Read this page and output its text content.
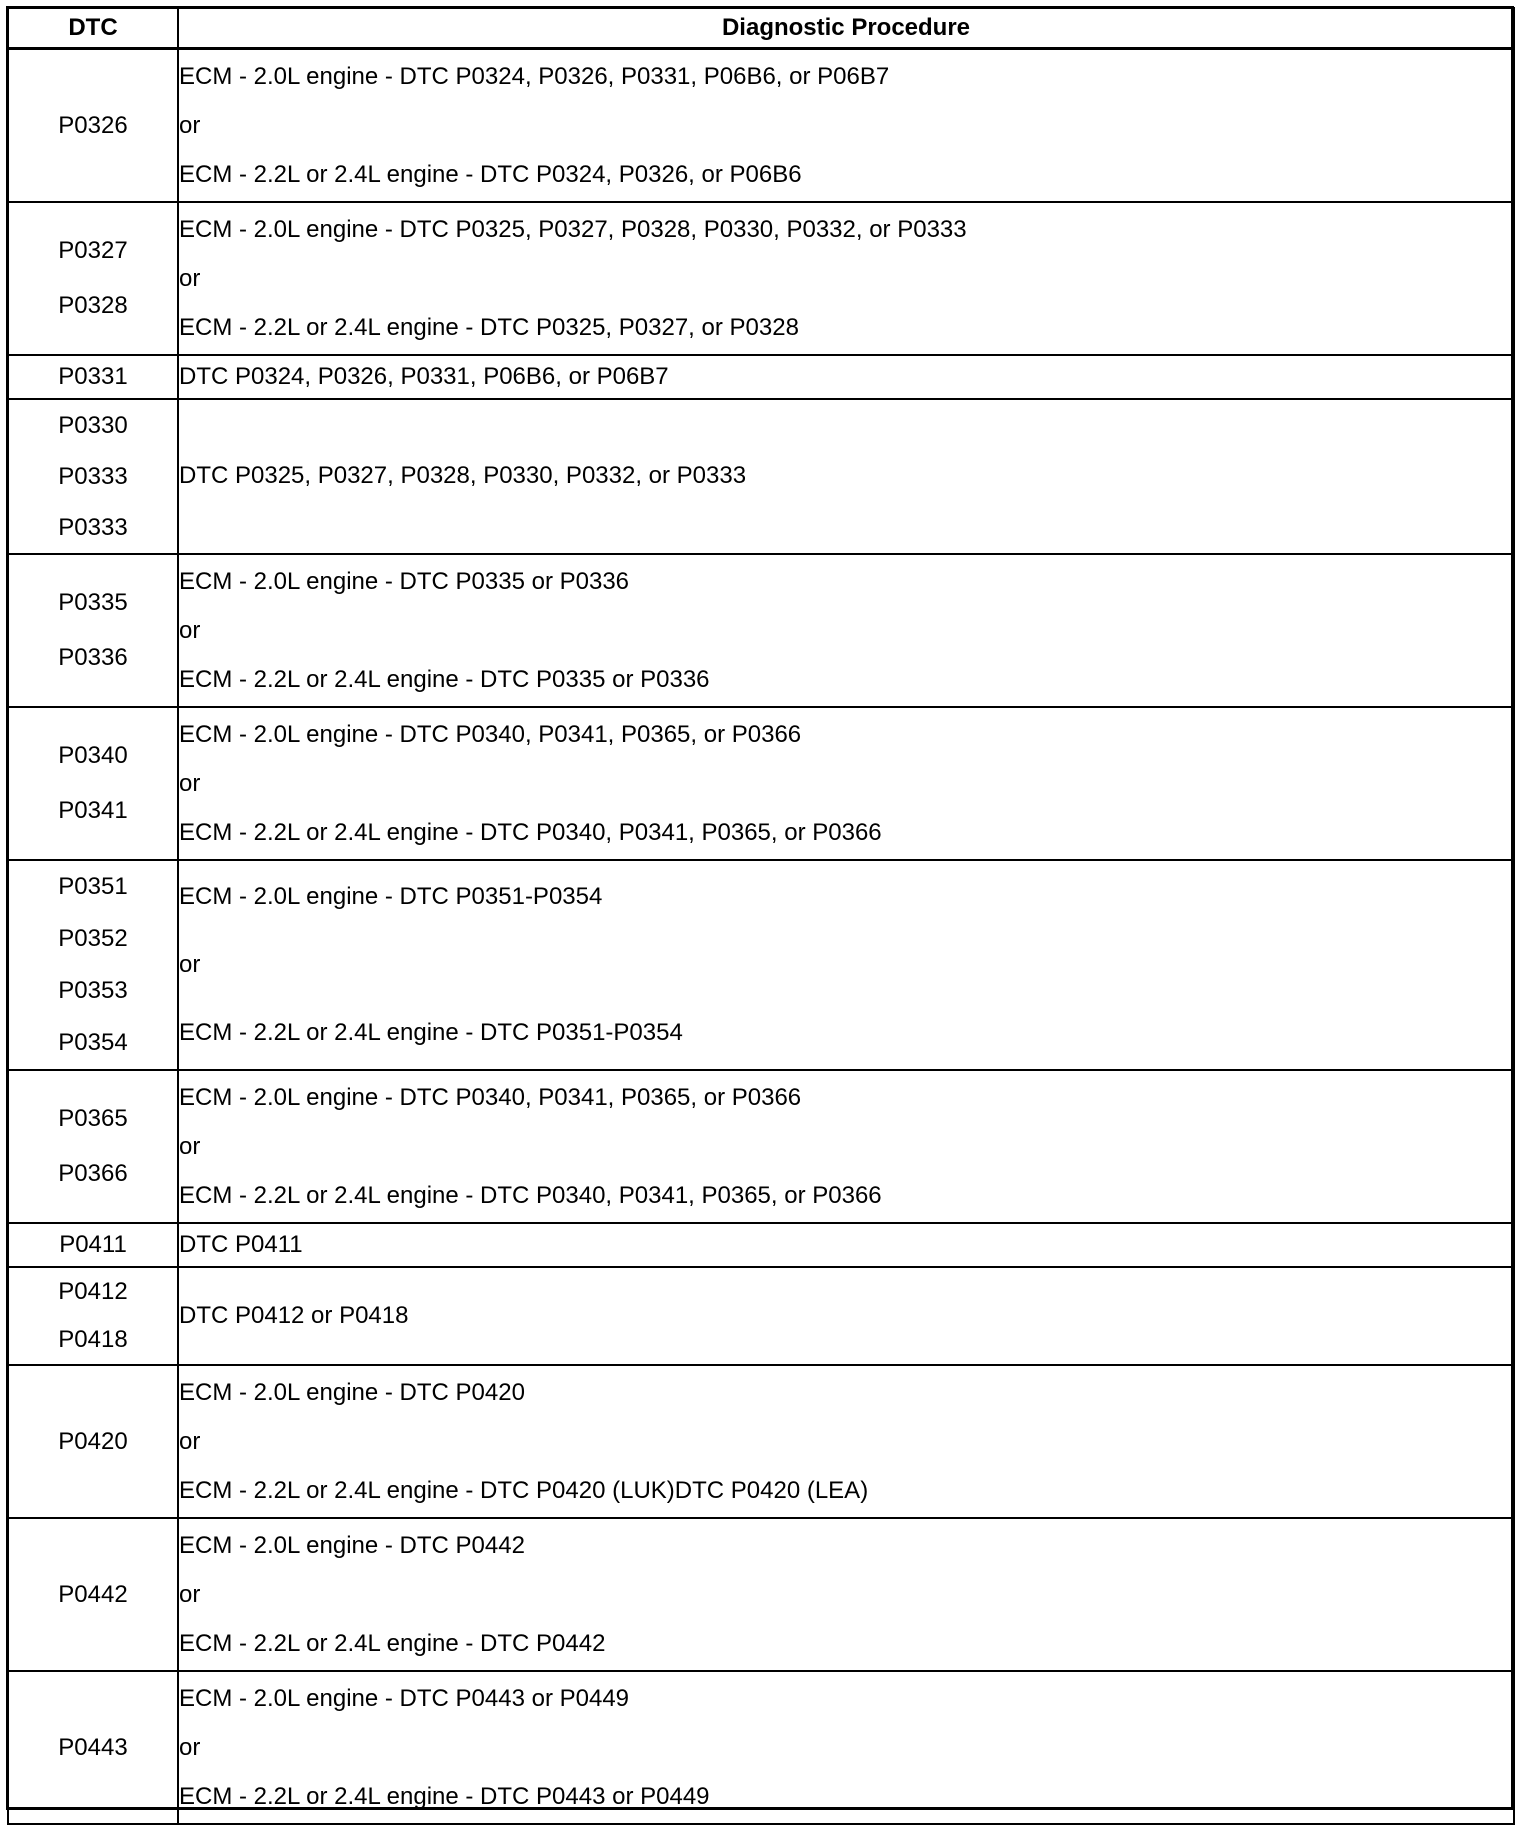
DTC	Diagnostic Procedure

P0326	ECM - 2.0L engine - DTC P0324, P0326, P0331, P06B6, or P06B7
or
ECM - 2.2L or 2.4L engine - DTC P0324, P0326, or P06B6

P0327
P0328	ECM - 2.0L engine - DTC P0325, P0327, P0328, P0330, P0332, or P0333
or
ECM - 2.2L or 2.4L engine - DTC P0325, P0327, or P0328

P0331	DTC P0324, P0326, P0331, P06B6, or P06B7

P0330
P0333
P0333	DTC P0325, P0327, P0328, P0330, P0332, or P0333

P0335
P0336	ECM - 2.0L engine - DTC P0335 or P0336
or
ECM - 2.2L or 2.4L engine - DTC P0335 or P0336

P0340
P0341	ECM - 2.0L engine - DTC P0340, P0341, P0365, or P0366
or
ECM - 2.2L or 2.4L engine - DTC P0340, P0341, P0365, or P0366

P0351
P0352
P0353
P0354	ECM - 2.0L engine - DTC P0351-P0354
or
ECM - 2.2L or 2.4L engine - DTC P0351-P0354

P0365
P0366	ECM - 2.0L engine - DTC P0340, P0341, P0365, or P0366
or
ECM - 2.2L or 2.4L engine - DTC P0340, P0341, P0365, or P0366

P0411	DTC P0411

P0412
P0418	DTC P0412 or P0418

P0420	ECM - 2.0L engine - DTC P0420
or
ECM - 2.2L or 2.4L engine - DTC P0420 (LUK)DTC P0420 (LEA)

P0442	ECM - 2.0L engine - DTC P0442
or
ECM - 2.2L or 2.4L engine - DTC P0442

P0443	ECM - 2.0L engine - DTC P0443 or P0449
or
ECM - 2.2L or 2.4L engine - DTC P0443 or P0449
